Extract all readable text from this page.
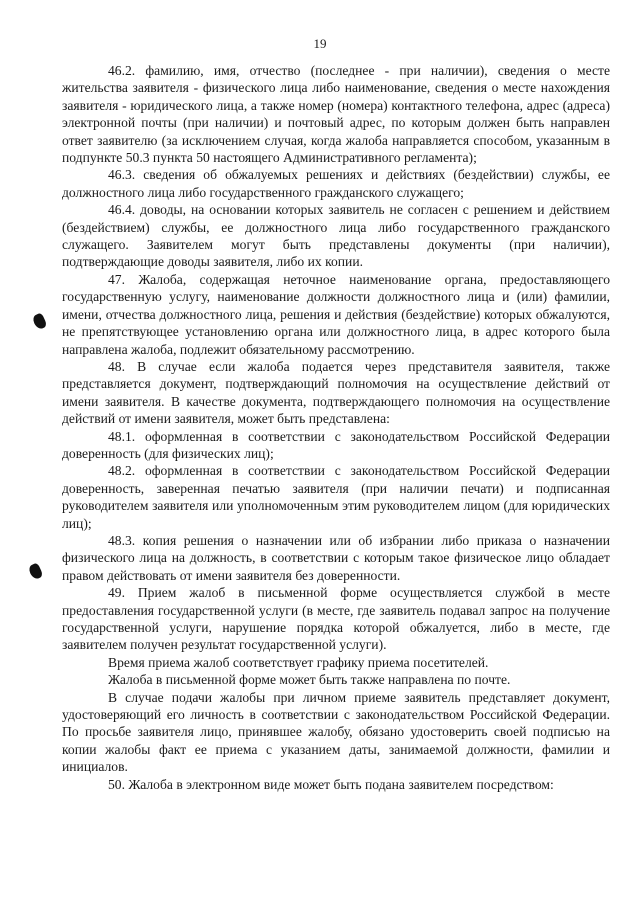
19

46.2. фамилию, имя, отчество (последнее - при наличии), сведения о месте жительства заявителя - физического лица либо наименование, сведения о месте нахождения заявителя - юридического лица, а также номер (номера) контактного телефона, адрес (адреса) электронной почты (при наличии) и почтовый адрес, по которым должен быть направлен ответ заявителю (за исключением случая, когда жалоба направляется способом, указанным в подпункте 50.3 пункта 50 настоящего Административного регламента);

46.3. сведения об обжалуемых решениях и действиях (бездействии) службы, ее должностного лица либо государственного гражданского служащего;

46.4. доводы, на основании которых заявитель не согласен с решением и действием (бездействием) службы, ее должностного лица либо государственного гражданского служащего. Заявителем могут быть представлены документы (при наличии), подтверждающие доводы заявителя, либо их копии.

47. Жалоба, содержащая неточное наименование органа, предоставляющего государственную услугу, наименование должности должностного лица и (или) фамилии, имени, отчества должностного лица, решения и действия (бездействие) которых обжалуются, не препятствующее установлению органа или должностного лица, в адрес которого была направлена жалоба, подлежит обязательному рассмотрению.

48. В случае если жалоба подается через представителя заявителя, также представляется документ, подтверждающий полномочия на осуществление действий от имени заявителя. В качестве документа, подтверждающего полномочия на осуществление действий от имени заявителя, может быть представлена:

48.1. оформленная в соответствии с законодательством Российской Федерации доверенность (для физических лиц);

48.2. оформленная в соответствии с законодательством Российской Федерации доверенность, заверенная печатью заявителя (при наличии печати) и подписанная руководителем заявителя или уполномоченным этим руководителем лицом (для юридических лиц);

48.3. копия решения о назначении или об избрании либо приказа о назначении физического лица на должность, в соответствии с которым такое физическое лицо обладает правом действовать от имени заявителя без доверенности.

49. Прием жалоб в письменной форме осуществляется службой в месте предоставления государственной услуги (в месте, где заявитель подавал запрос на получение государственной услуги, нарушение порядка которой обжалуется, либо в месте, где заявителем получен результат государственной услуги).

Время приема жалоб соответствует графику приема посетителей.

Жалоба в письменной форме может быть также направлена по почте.

В случае подачи жалобы при личном приеме заявитель представляет документ, удостоверяющий его личность в соответствии с законодательством Российской Федерации. По просьбе заявителя лицо, принявшее жалобу, обязано удостоверить своей подписью на копии жалобы факт ее приема с указанием даты, занимаемой должности, фамилии и инициалов.

50. Жалоба в электронном виде может быть подана заявителем посредством:
